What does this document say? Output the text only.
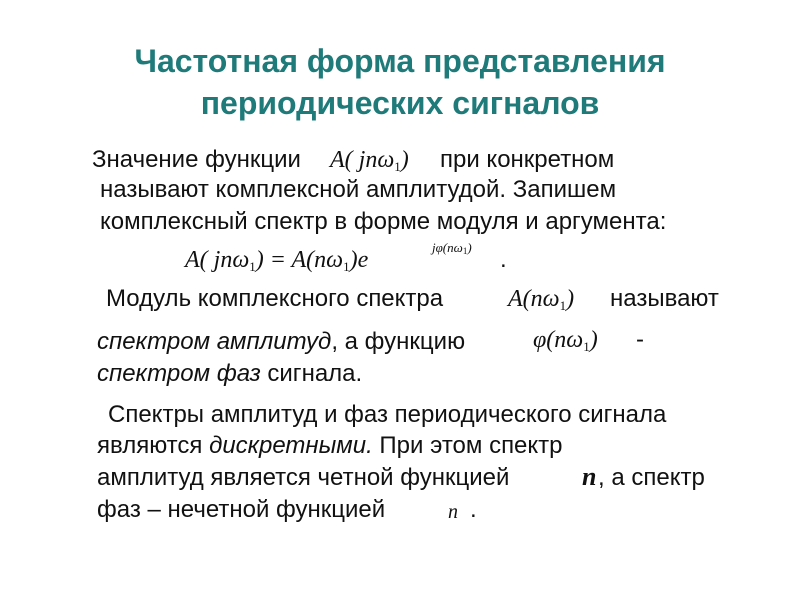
Частотная форма представления
периодических сигналов
Значение функции A( jnω1) при конкретном
называют комплексной амплитудой. Запишем
комплексный спектр в форме модуля и аргумента:
A( jnω1) = A(nω1)e	jφ(nω1) .
Модуль комплексного спектра	A(nω1) называют
спектром амплитуд, а функцию	φ(nω1) -
спектром фаз сигнала.
Спектры амплитуд и фаз периодического сигнала
являются дискретными. При этом спектр
амплитуд является четной функцией	n , а спектр
фаз – нечетной функцией	n .
